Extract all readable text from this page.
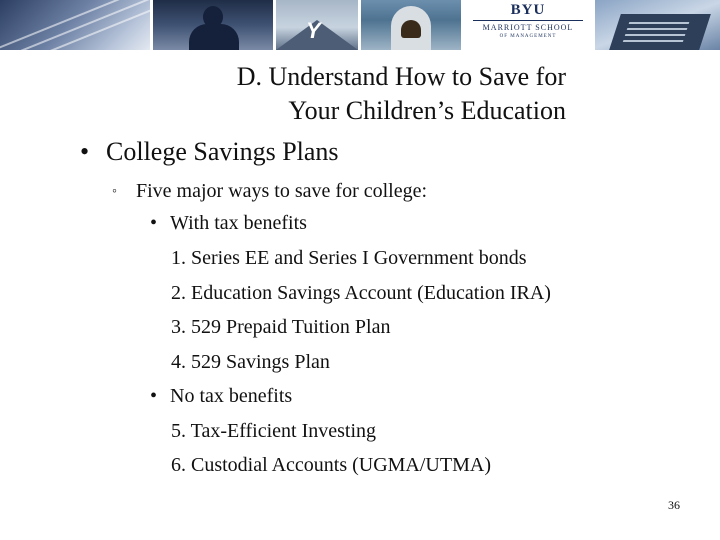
Y
BYU
MARRIOTT SCHOOL
OF MANAGEMENT
D. Understand How to Save for
Your Children’s Education

• College Savings Plans

◦ Five major ways to save for college:

• With tax benefits

1. Series EE and Series I Government bonds

2. Education Savings Account (Education IRA)

3. 529 Prepaid Tuition Plan

4. 529 Savings Plan

• No tax benefits

5. Tax-Efficient Investing

6. Custodial Accounts (UGMA/UTMA)

36
